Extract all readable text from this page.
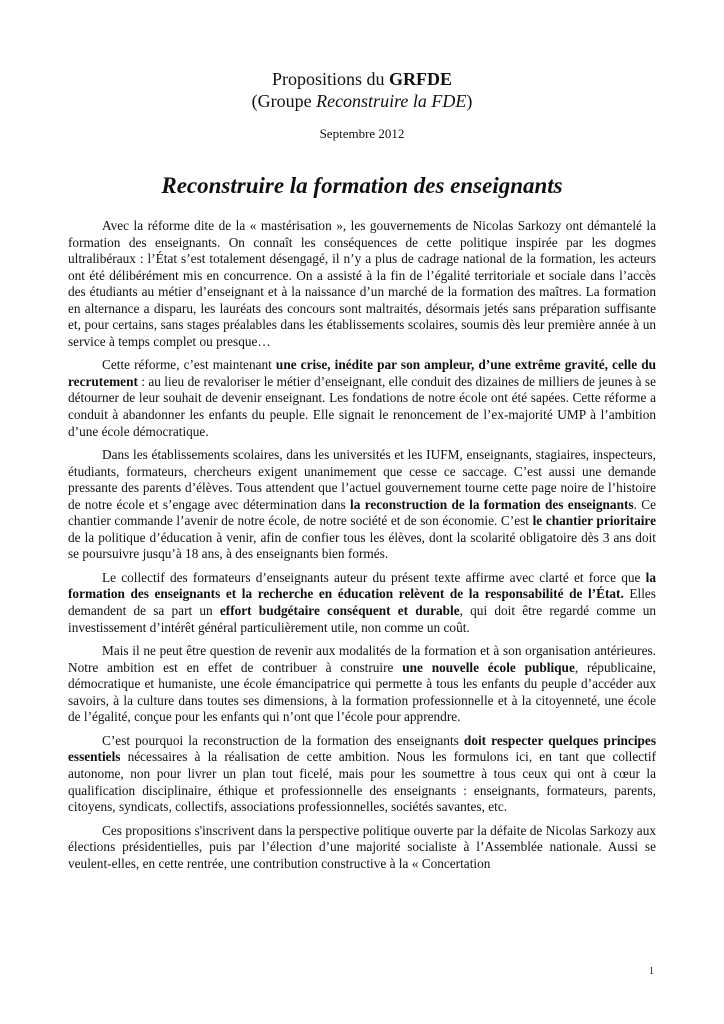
Propositions du GRFDE
(Groupe Reconstruire la FDE)
Septembre 2012
Reconstruire la formation des enseignants

Avec la réforme dite de la « mastérisation », les gouvernements de Nicolas Sarkozy ont démantelé la formation des enseignants. On connaît les conséquences de cette politique inspirée par les dogmes ultralibéraux : l’État s’est totalement désengagé, il n’y a plus de cadrage national de la formation, les acteurs ont été délibérément mis en concurrence. On a assisté à la fin de l’égalité territoriale et sociale dans l’accès des étudiants au métier d’enseignant et à la naissance d’un marché de la formation des maîtres. La formation en alternance a disparu, les lauréats des concours sont maltraités, désormais jetés sans préparation suffisante et, pour certains, sans stages préalables dans les établissements scolaires, soumis dès leur première année à un service à temps complet ou presque…

Cette réforme, c’est maintenant une crise, inédite par son ampleur, d’une extrême gravité, celle du recrutement : au lieu de revaloriser le métier d’enseignant, elle conduit des dizaines de milliers de jeunes à se détourner de leur souhait de devenir enseignant. Les fondations de notre école ont été sapées. Cette réforme a conduit à abandonner les enfants du peuple. Elle signait le renoncement de l’ex-majorité UMP à l’ambition d’une école démocratique.

Dans les établissements scolaires, dans les universités et les IUFM, enseignants, stagiaires, inspecteurs, étudiants, formateurs, chercheurs exigent unanimement que cesse ce saccage. C’est aussi une demande pressante des parents d’élèves. Tous attendent que l’actuel gouvernement tourne cette page noire de l’histoire de notre école et s’engage avec détermination dans la reconstruction de la formation des enseignants. Ce chantier commande l’avenir de notre école, de notre société et de son économie. C’est le chantier prioritaire de la politique d’éducation à venir, afin de confier tous les élèves, dont la scolarité obligatoire dès 3 ans doit se poursuivre jusqu’à 18 ans, à des enseignants bien formés.

Le collectif des formateurs d’enseignants auteur du présent texte affirme avec clarté et force que la formation des enseignants et la recherche en éducation relèvent de la responsabilité de l’État. Elles demandent de sa part un effort budgétaire conséquent et durable, qui doit être regardé comme un investissement d’intérêt général particulièrement utile, non comme un coût.

Mais il ne peut être question de revenir aux modalités de la formation et à son organisation antérieures. Notre ambition est en effet de contribuer à construire une nouvelle école publique, républicaine, démocratique et humaniste, une école émancipatrice qui permette à tous les enfants du peuple d’accéder aux savoirs, à la culture dans toutes ses dimensions, à la formation professionnelle et à la citoyenneté, une école de l’égalité, conçue pour les enfants qui n’ont que l’école pour apprendre.

C’est pourquoi la reconstruction de la formation des enseignants doit respecter quelques principes essentiels nécessaires à la réalisation de cette ambition. Nous les formulons ici, en tant que collectif autonome, non pour livrer un plan tout ficelé, mais pour les soumettre à tous ceux qui ont à cœur la qualification disciplinaire, éthique et professionnelle des enseignants : enseignants, formateurs, parents, citoyens, syndicats, collectifs, associations professionnelles, sociétés savantes, etc.

Ces propositions s'inscrivent dans la perspective politique ouverte par la défaite de Nicolas Sarkozy aux élections présidentielles, puis par l’élection d’une majorité socialiste à l’Assemblée nationale. Aussi se veulent-elles, en cette rentrée, une contribution constructive à la « Concertation

1
